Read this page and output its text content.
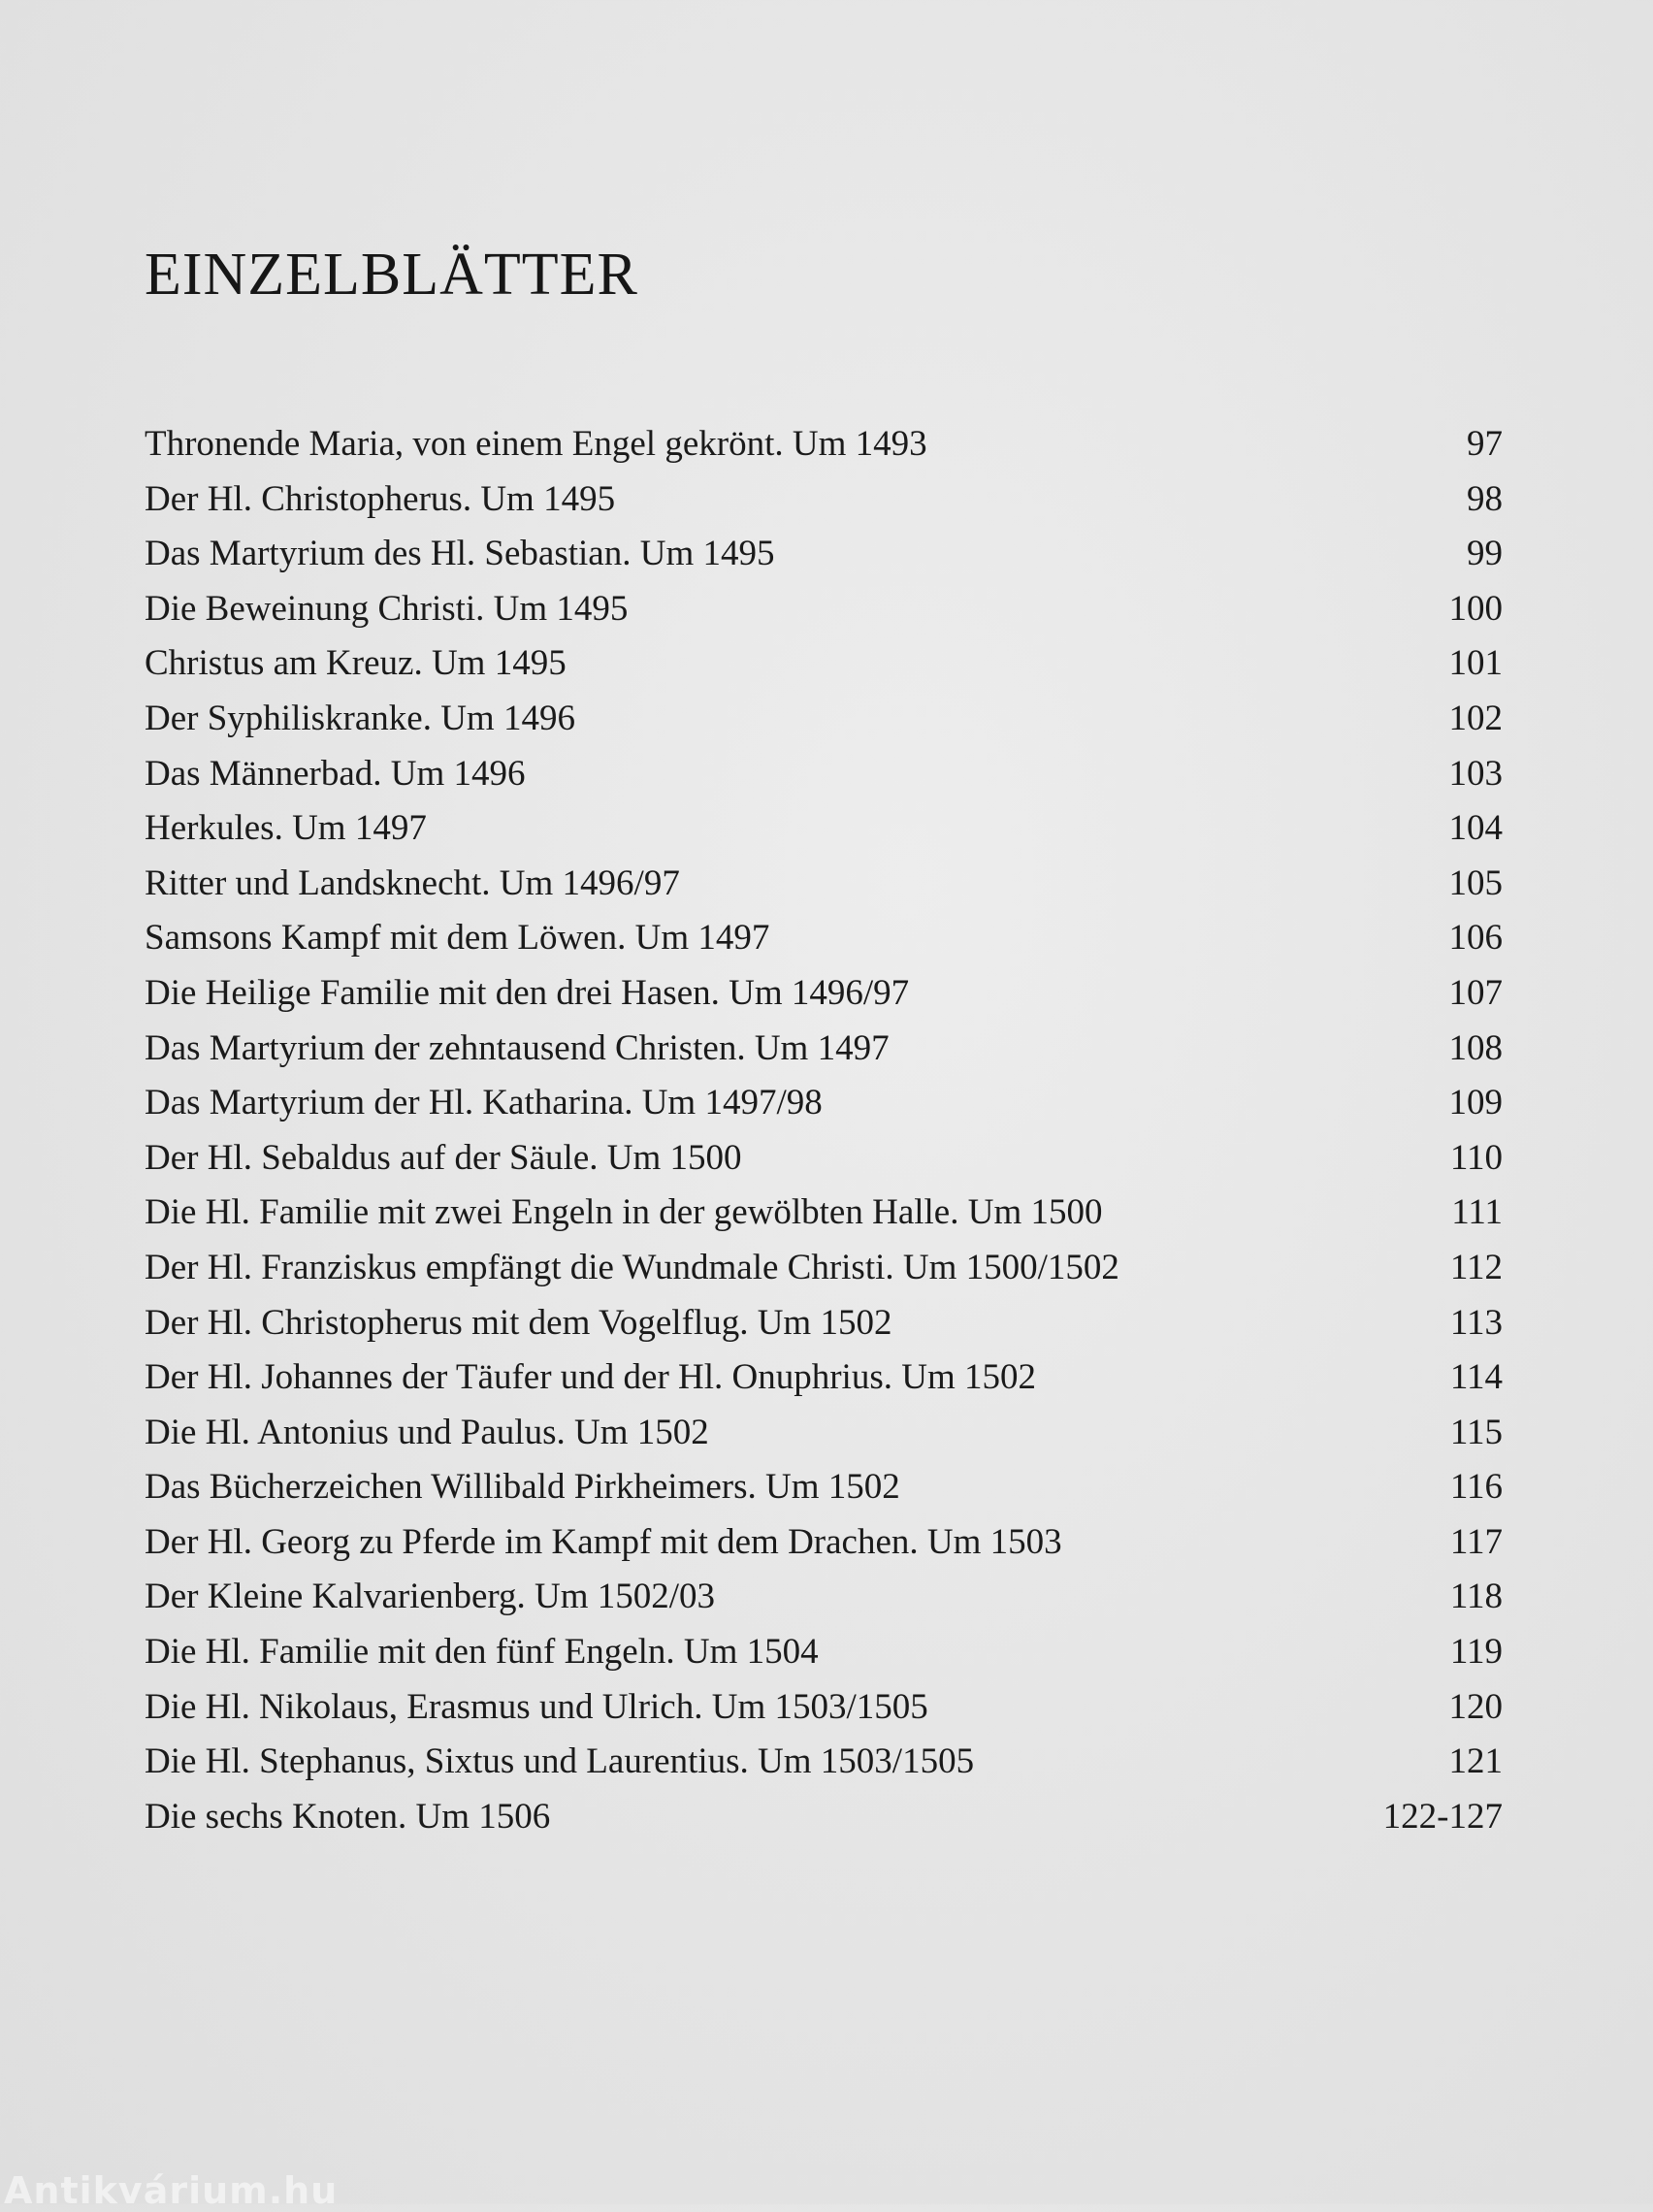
EINZELBLÄTTER
Thronende Maria, von einem Engel gekrönt. Um 1493	97
Der Hl. Christopherus. Um 1495	98
Das Martyrium des Hl. Sebastian. Um 1495	99
Die Beweinung Christi. Um 1495	100
Christus am Kreuz. Um 1495	101
Der Syphiliskranke. Um 1496	102
Das Männerbad. Um 1496	103
Herkules. Um 1497	104
Ritter und Landsknecht. Um 1496/97	105
Samsons Kampf mit dem Löwen. Um 1497	106
Die Heilige Familie mit den drei Hasen. Um 1496/97	107
Das Martyrium der zehntausend Christen. Um 1497	108
Das Martyrium der Hl. Katharina. Um 1497/98	109
Der Hl. Sebaldus auf der Säule. Um 1500	110
Die Hl. Familie mit zwei Engeln in der gewölbten Halle. Um 1500	111
Der Hl. Franziskus empfängt die Wundmale Christi. Um 1500/1502	112
Der Hl. Christopherus mit dem Vogelflug. Um 1502	113
Der Hl. Johannes der Täufer und der Hl. Onuphrius. Um 1502	114
Die Hl. Antonius und Paulus. Um 1502	115
Das Bücherzeichen Willibald Pirkheimers. Um 1502	116
Der Hl. Georg zu Pferde im Kampf mit dem Drachen. Um 1503	117
Der Kleine Kalvarienberg. Um 1502/03	118
Die Hl. Familie mit den fünf Engeln. Um 1504	119
Die Hl. Nikolaus, Erasmus und Ulrich. Um 1503/1505	120
Die Hl. Stephanus, Sixtus und Laurentius. Um 1503/1505	121
Die sechs Knoten. Um 1506	122-127
Antikvárium.hu
